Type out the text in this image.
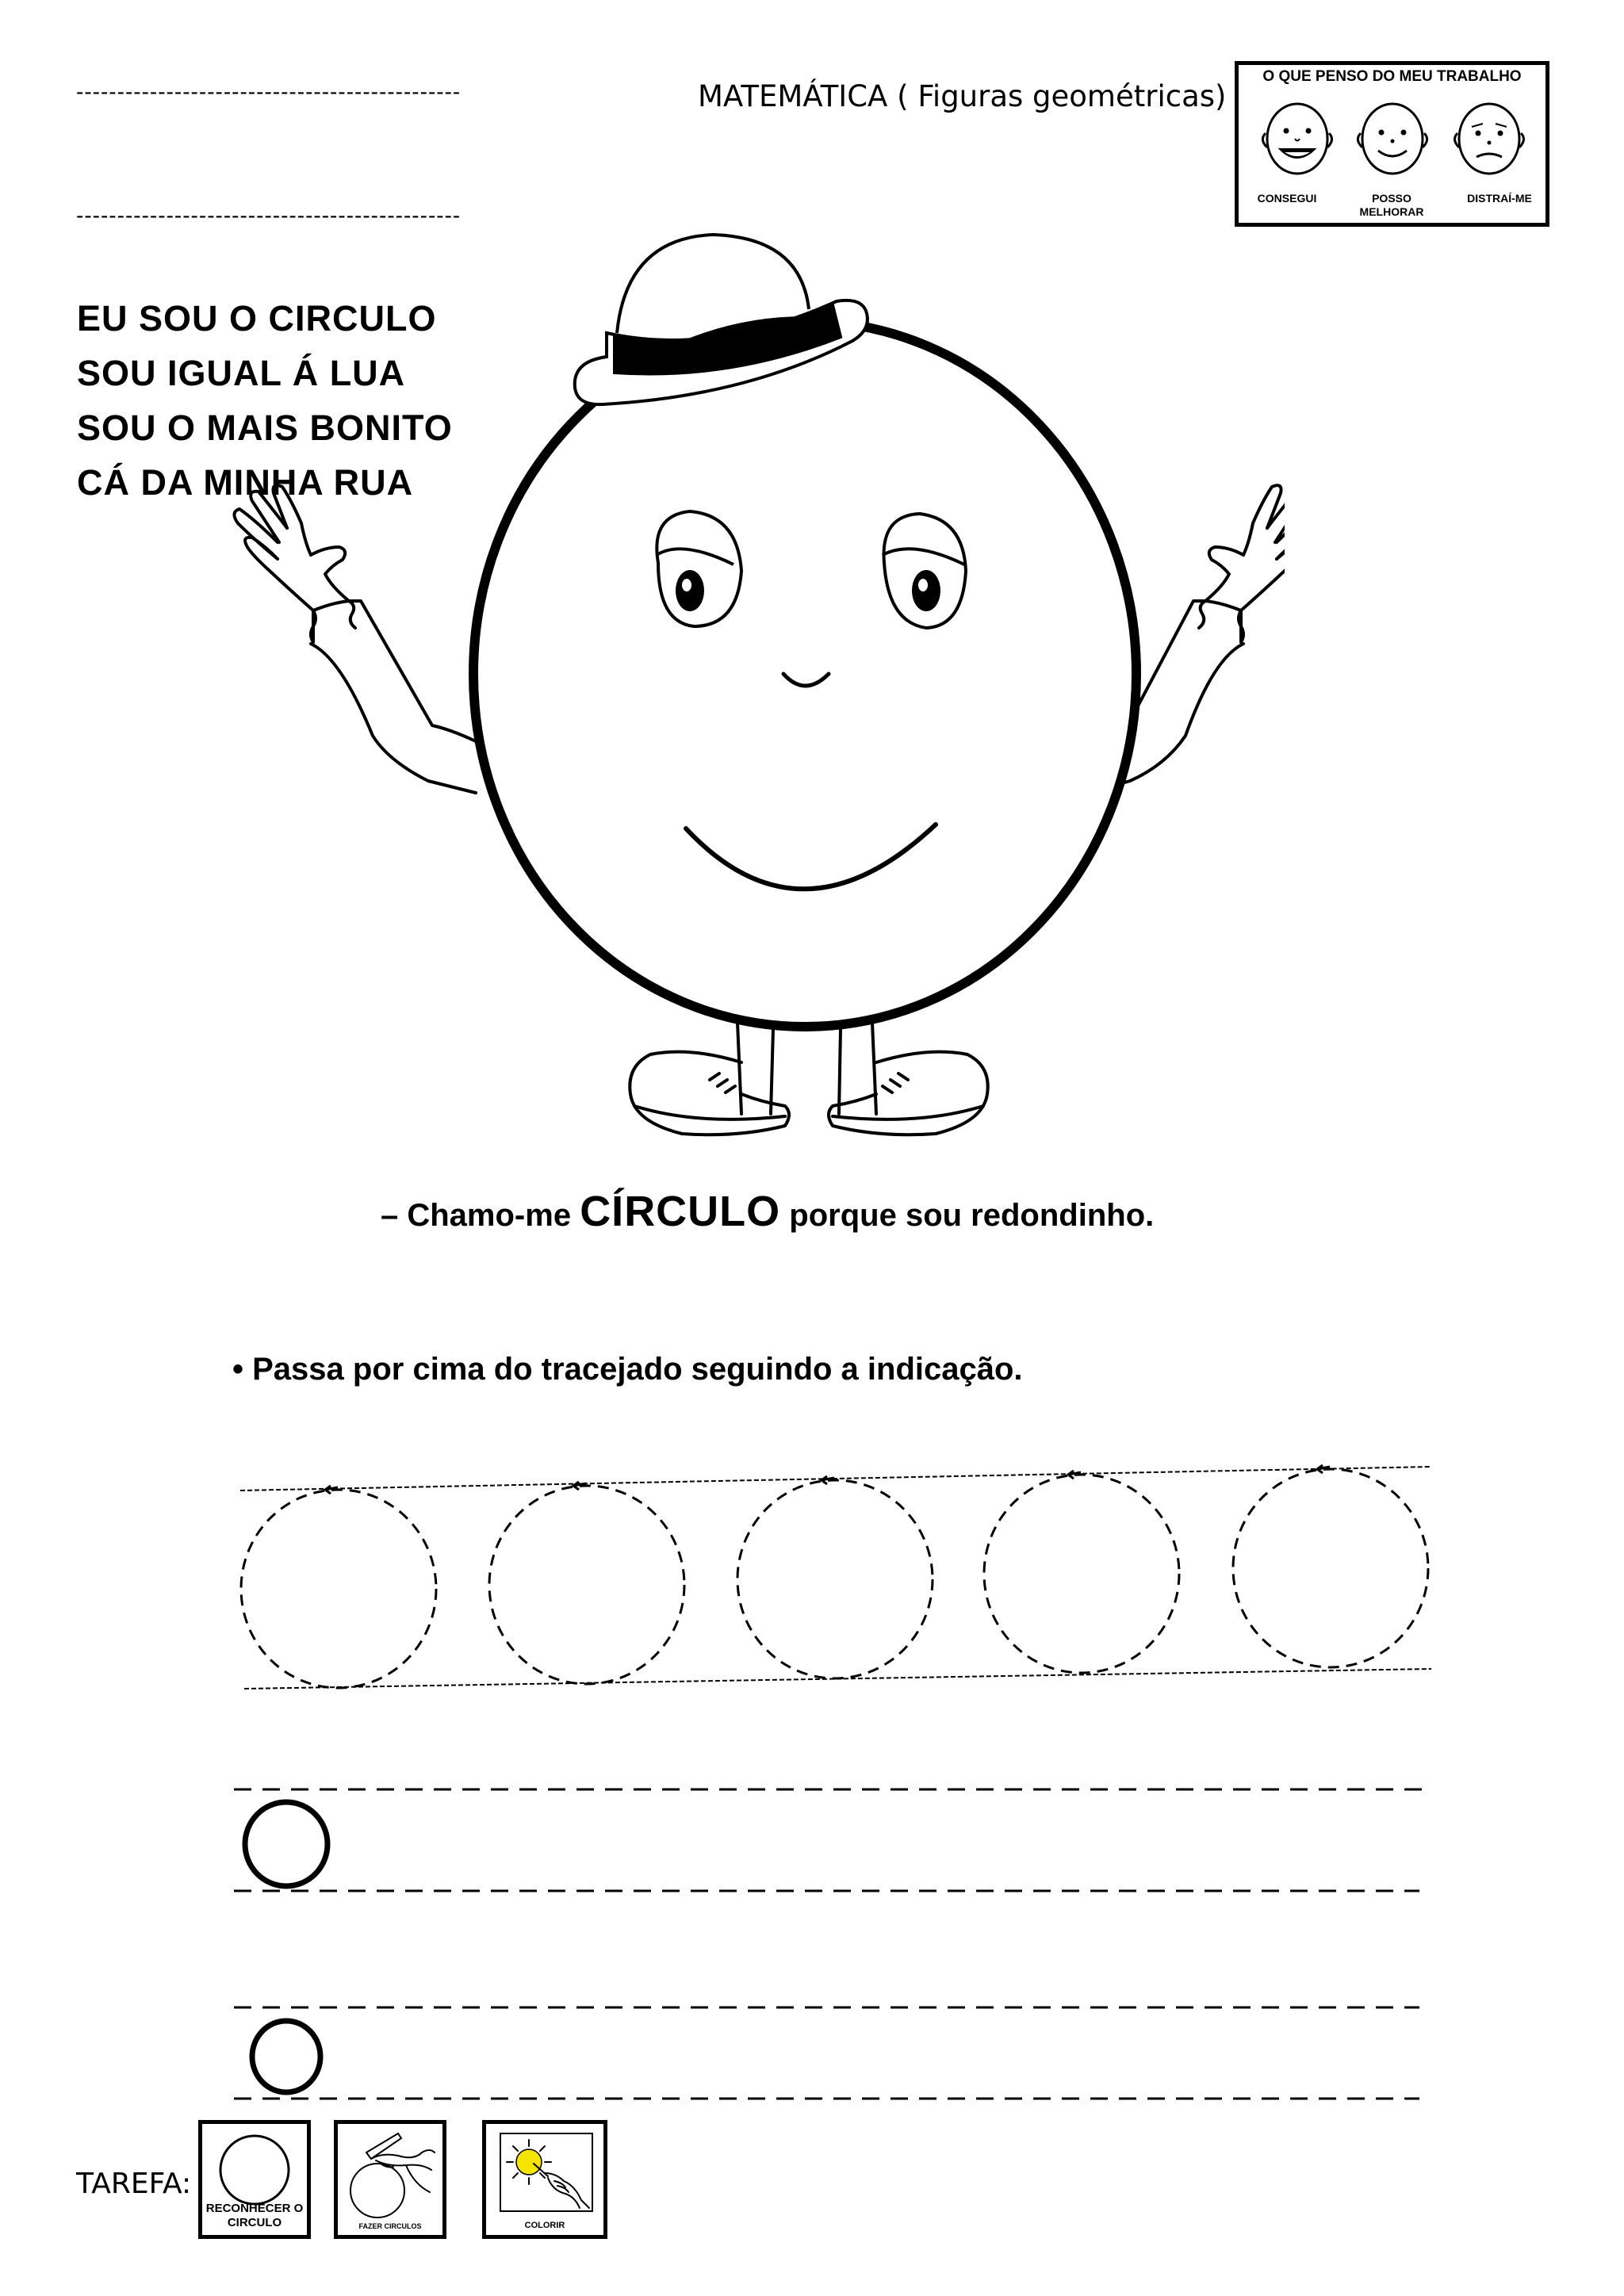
-----------------------------------------------
-----------------------------------------------
MATEMÁTICA ( Figuras geométricas)
O QUE PENSO DO MEU TRABALHO
CONSEGUI	POSSO MELHORAR
DISTRAÍ-ME
EU SOU O CIRCULO
SOU IGUAL Á LUA
SOU O MAIS BONITO
CÁ DA MINHA RUA
– Chamo-me CÍRCULO porque sou redondinho.
• Passa por cima do tracejado seguindo a indicação.
TAREFA:
RECONHECER O CIRCULO	FAZER CIRCULOS	COLORIR
